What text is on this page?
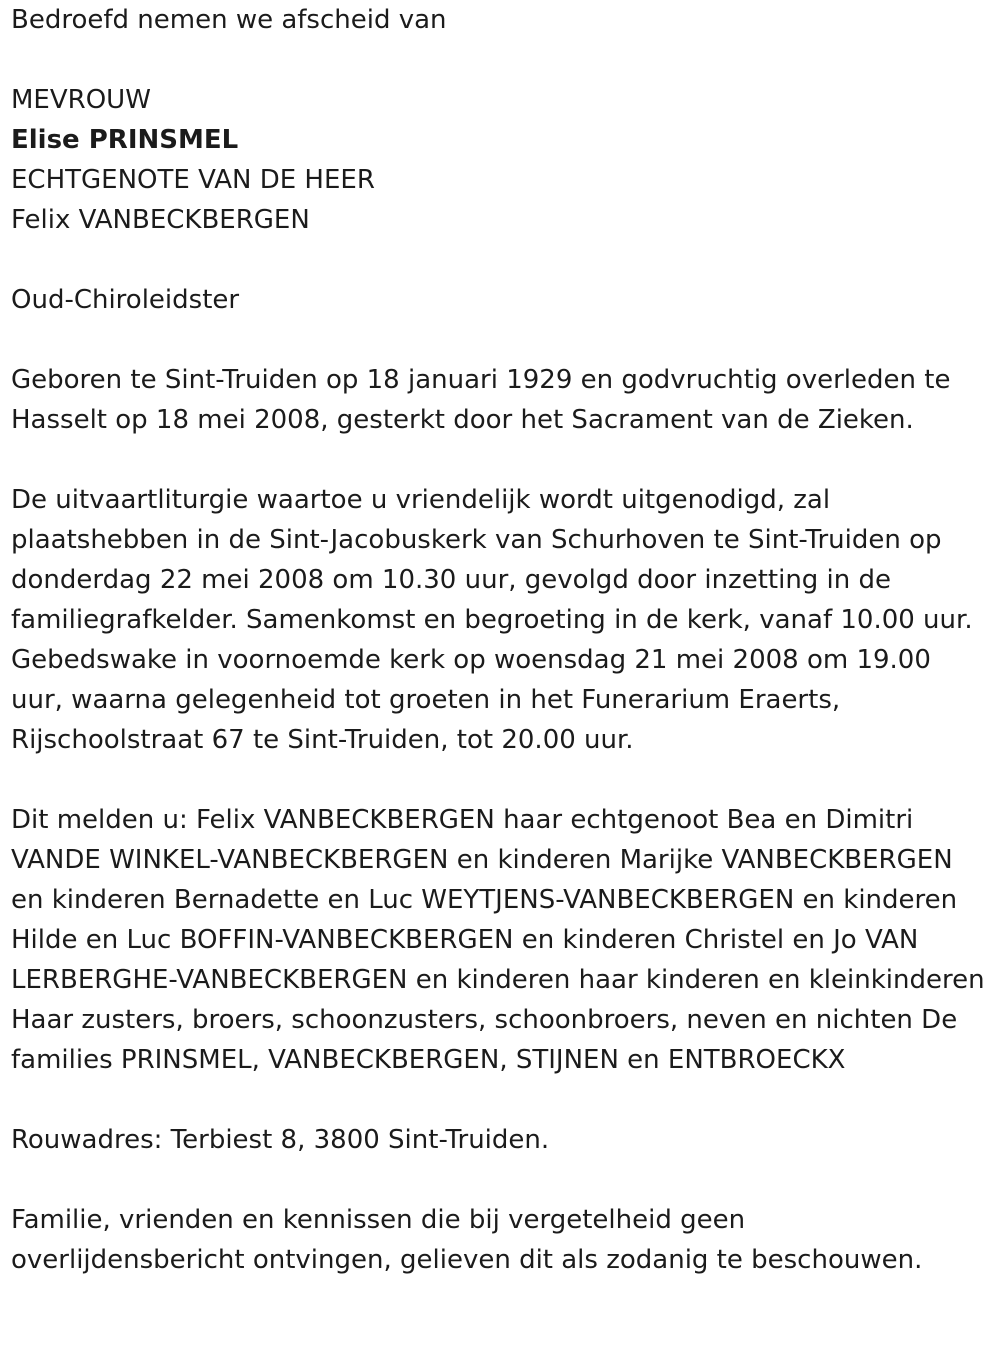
Bedroefd nemen we afscheid van

MEVROUW

Elise PRINSMEL

ECHTGENOTE VAN DE HEER

Felix VANBECKBERGEN

Oud-Chiroleidster

Geboren te Sint-Truiden op 18 januari 1929 en godvruchtig overleden te Hasselt op 18 mei 2008, gesterkt door het Sacrament van de Zieken.

De uitvaartliturgie waartoe u vriendelijk wordt uitgenodigd, zal plaatshebben in de Sint-Jacobuskerk van Schurhoven te Sint-Truiden op donderdag 22 mei 2008 om 10.30 uur, gevolgd door inzetting in de familiegrafkelder. Samenkomst en begroeting in de kerk, vanaf 10.00 uur. Gebedswake in voornoemde kerk op woensdag 21 mei 2008 om 19.00 uur, waarna gelegenheid tot groeten in het Funerarium Eraerts, Rijschoolstraat 67 te Sint-Truiden, tot 20.00 uur.

Dit melden u: Felix VANBECKBERGEN haar echtgenoot Bea en Dimitri VANDE WINKEL-VANBECKBERGEN en kinderen Marijke VANBECKBERGEN en kinderen Bernadette en Luc WEYTJENS-VANBECKBERGEN en kinderen Hilde en Luc BOFFIN-VANBECKBERGEN en kinderen Christel en Jo VAN LERBERGHE-VANBECKBERGEN en kinderen haar kinderen en kleinkinderen Haar zusters, broers, schoonzusters, schoonbroers, neven en nichten De families PRINSMEL, VANBECKBERGEN, STIJNEN en ENTBROECKX

Rouwadres: Terbiest 8, 3800 Sint-Truiden.

Familie, vrienden en kennissen die bij vergetelheid geen overlijdensbericht ontvingen, gelieven dit als zodanig te beschouwen.
